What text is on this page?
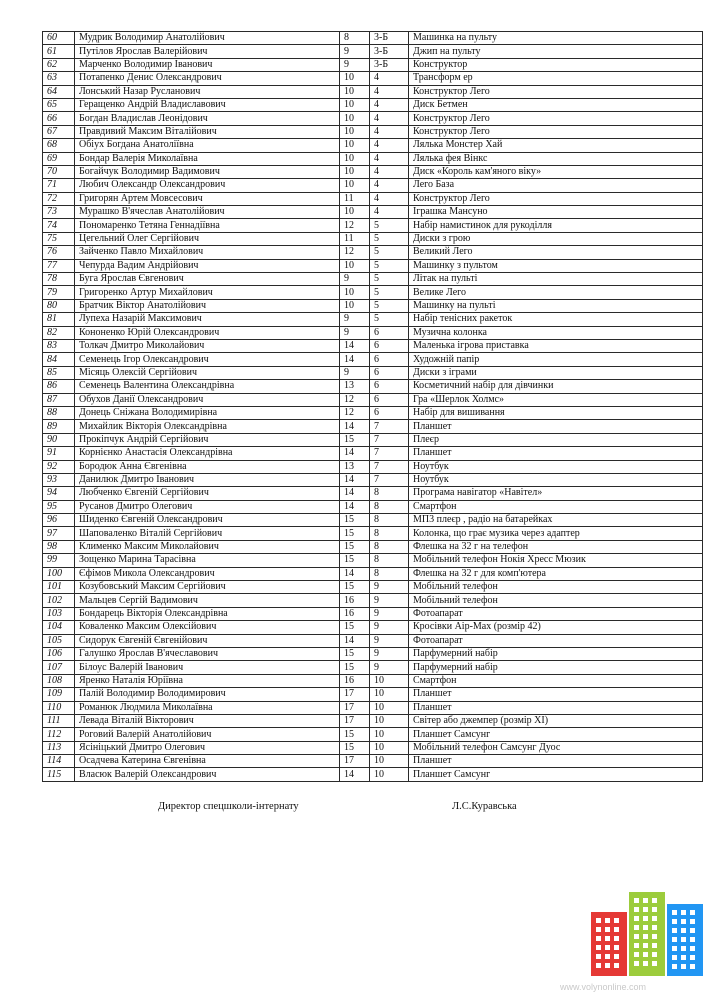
60	Мудрик Володимир Анатолійович	8	3-Б	Машинка на пульту
61	Путілов Ярослав Валерійович	9	3-Б	Джип на пульту
62	Марченко Володимир Іванович	9	3-Б	Конструктор
63	Потапенко Денис Олександрович	10	4	Трансформ ер
64	Лонський Назар Русланович	10	4	Конструктор Лего
65	Геращенко Андрій Владиславович	10	4	Диск Бетмен
66	Богдан Владислав Леонідович	10	4	Конструктор Лего
67	Правдивий Максим Віталійович	10	4	Конструктор Лего
68	Обіух Богдана Анатоліївна	10	4	Лялька Монстер Хай
69	Бондар Валерія Миколаївна	10	4	Лялька фея Вінкс
70	Богайчук Володимир Вадимович	10	4	Диск «Король кам'яного віку»
71	Любич Олександр Олександрович	10	4	Лего База
72	Григорян Артем Мовсесович	11	4	Конструктор Лего
73	Мурашко В'ячеслав Анатолійович	10	4	Іграшка Мансуно
74	Пономаренко Тетяна Геннадіївна	12	5	Набір намистинок для рукоділля
75	Цегельний Олег Сергійович	11	5	Диски з грою
76	Зайченко Павло Михайлович	12	5	Великий Лего
77	Чепурда Вадим Андрійович	10	5	Машинку з пультом
78	Буга Ярослав Євгенович	9	5	Літак на пульті
79	Григоренко Артур Михайлович	10	5	Велике Лего
80	Братчик Віктор Анатолійович	10	5	Машинку на пульті
81	Лупеха Назарій Максимович	9	5	Набір тенісних ракеток
82	Кононенко Юрій Олександрович	9	6	Музична колонка
83	Толкач Дмитро Миколайович	14	6	Маленька ігрова приставка
84	Семенець Ігор Олександрович	14	6	Художній папір
85	Місяць Олексій Сергійович	9	6	Диски з іграми
86	Семенець Валентина Олександрівна	13	6	Косметичний набір для дівчинки
87	Обухов Данії Олександрович	12	6	Гра «Шерлок Холмс»
88	Донець Сніжана Володимирівна	12	6	Набір для вишивання
89	Михайлик Вікторія Олександрівна	14	7	Планшет
90	Прокіпчук Андрій Сергійович	15	7	Плеєр
91	Корнієнко Анастасія Олександрівна	14	7	Планшет
92	Бородюк Анна Євгенівна	13	7	Ноутбук
93	Данилюк Дмитро Іванович	14	7	Ноутбук
94	Любченко Євгеній Сергійович	14	8	Програма навігатор «Навітел»
95	Русанов Дмитро Олегович	14	8	Смартфон
96	Шиденко Євгеній Олександрович	15	8	МП3 плеєр , радіо на батарейках
97	Шаповаленко Віталій Сергійович	15	8	Колонка, що грає музика через адаптер
98	Клименко Максим Миколайович	15	8	Флешка на 32 г на телефон
99	Зощенко Марина Тарасівна	15	8	Мобільний телефон Нокія Хрeсс Мюзик
100	Єфімов Микола Олександрович	14	8	Флешка на 32 г для комп'ютера
101	Козубовський Максим Сергійович	15	9	Мобільний телефон
102	Мальцев Сергій Вадимович	16	9	Мобільний телефон
103	Бондарець Вікторія Олександрівна	16	9	Фотоапарат
104	Коваленко Максим Олексійович	15	9	Кросівки Аір-Мах (розмір 42)
105	Сидорук Євгеній Євгенійович	14	9	Фотоапарат
106	Галушко Ярослав В'ячеславович	15	9	Парфумерний набір
107	Білоус Валерій Іванович	15	9	Парфумерний набір
108	Яренко Наталія Юріївна	16	10	Смартфон
109	Палій Володимир Володимирович	17	10	Планшет
110	Романюк Людмила Миколаївна	17	10	Планшет
111	Левада Віталій Вікторович	17	10	Світер або джемпер (розмір XI)
112	Роговий Валерій Анатолійович	15	10	Планшет Самсунг
113	Ясініцький Дмитро Олегович	15	10	Мобільний телефон Самсунг Дуос
114	Осадчева Катерина Євгенівна	17	10	Планшет
115	Власюк Валерій Олександрович	14	10	Планшет Самсунг
Директор спецшколи-інтернату	Л.С.Куравська
www.volynonline.com
